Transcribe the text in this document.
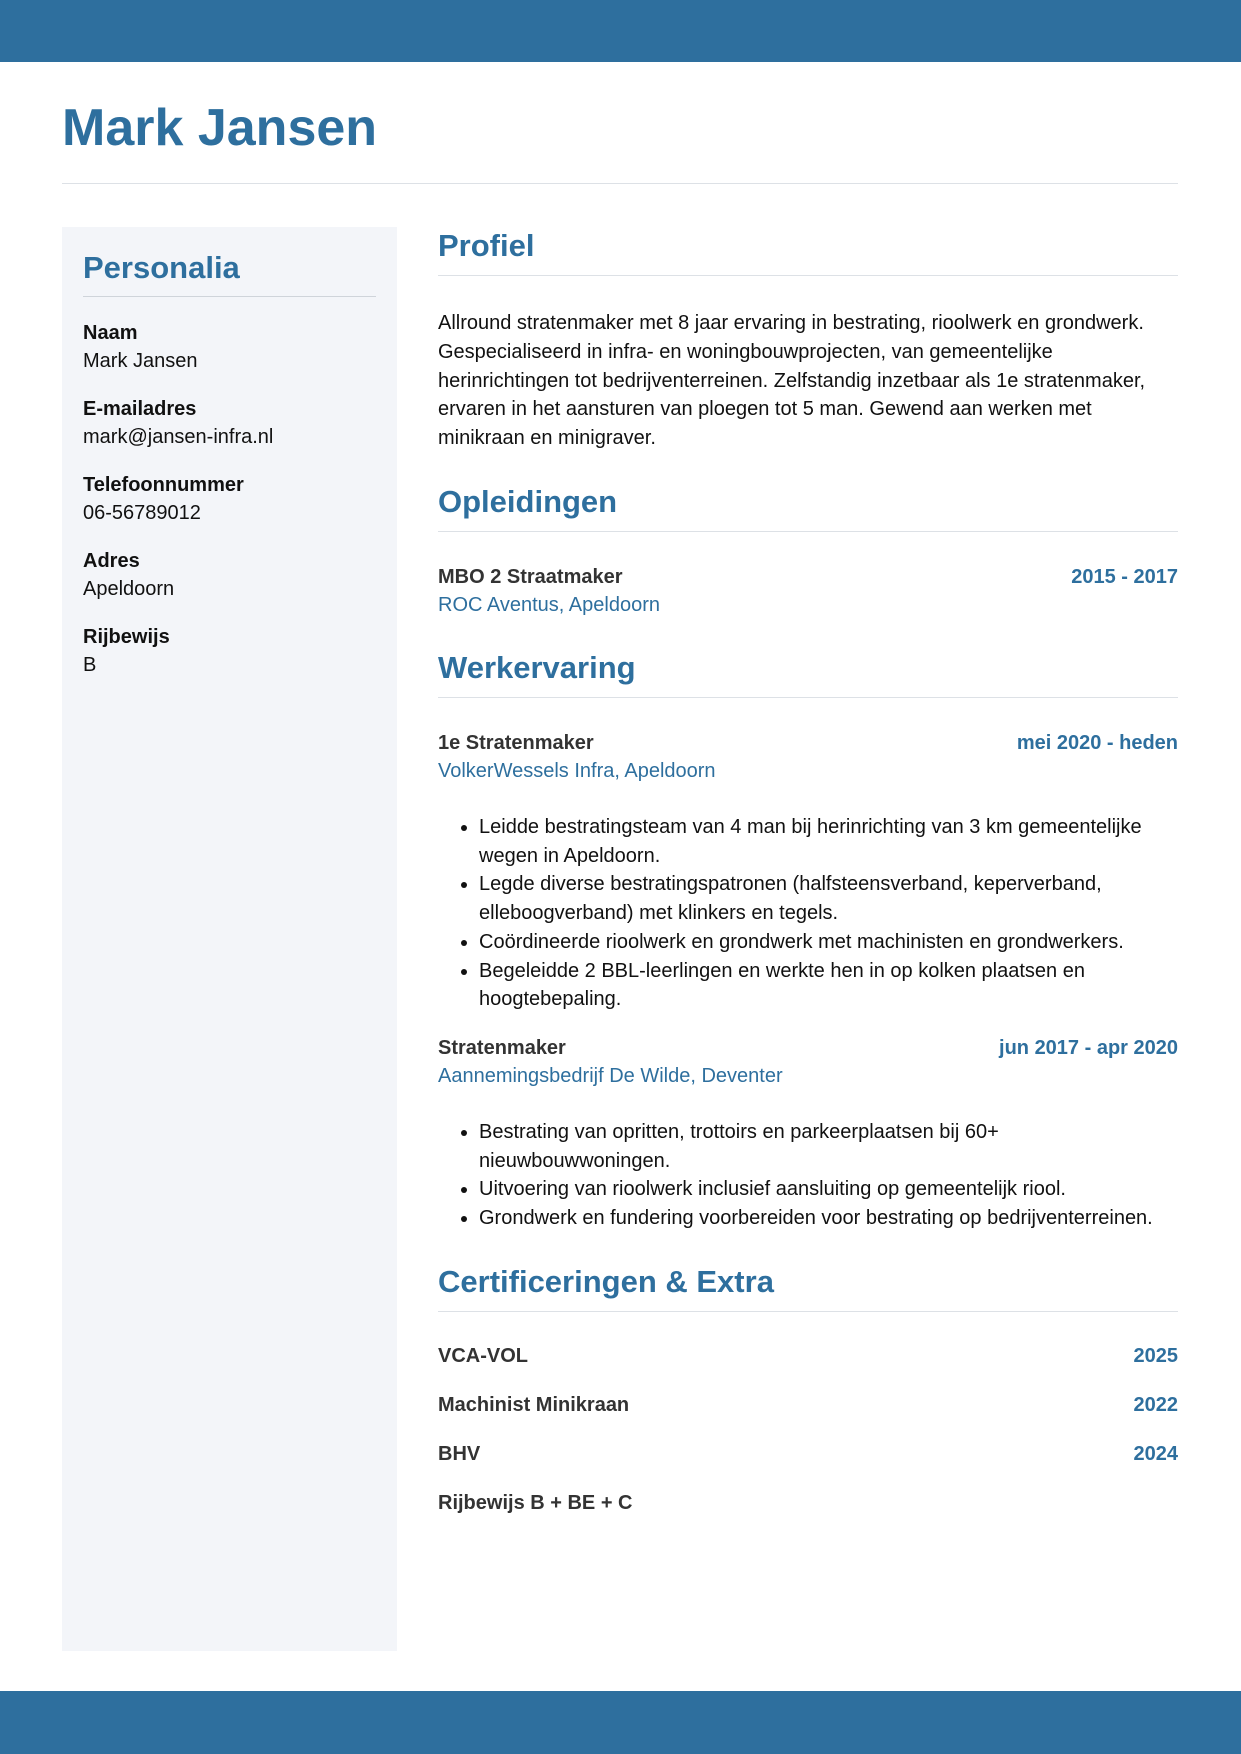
Mark Jansen
Personalia
Naam
Mark Jansen
E-mailadres
mark@jansen-infra.nl
Telefoonnummer
06-56789012
Adres
Apeldoorn
Rijbewijs
B
Profiel

Allround stratenmaker met 8 jaar ervaring in bestrating, rioolwerk en grondwerk. Gespecialiseerd in infra- en woningbouwprojecten, van gemeentelijke herinrichtingen tot bedrijventerreinen. Zelfstandig inzetbaar als 1e stratenmaker, ervaren in het aansturen van ploegen tot 5 man. Gewend aan werken met minikraan en minigraver.

Opleidingen
MBO 2 Straatmaker	2015 - 2017
ROC Aventus, Apeldoorn
Werkervaring
1e Stratenmaker	mei 2020 - heden
VolkerWessels Infra, Apeldoorn
• Leidde bestratingsteam van 4 man bij herinrichting van 3 km gemeentelijke wegen in Apeldoorn.
• Legde diverse bestratingspatronen (halfsteensverband, keperverband, elleboogverband) met klinkers en tegels.
• Coördineerde rioolwerk en grondwerk met machinisten en grondwerkers.
• Begeleidde 2 BBL-leerlingen en werkte hen in op kolken plaatsen en hoogtebepaling.
Stratenmaker	jun 2017 - apr 2020
Aannemingsbedrijf De Wilde, Deventer
• Bestrating van opritten, trottoirs en parkeerplaatsen bij 60+ nieuwbouwwoningen.
• Uitvoering van rioolwerk inclusief aansluiting op gemeentelijk riool.
• Grondwerk en fundering voorbereiden voor bestrating op bedrijventerreinen.
Certificeringen & Extra
VCA-VOL	2025
Machinist Minikraan	2022
BHV	2024
Rijbewijs B + BE + C
